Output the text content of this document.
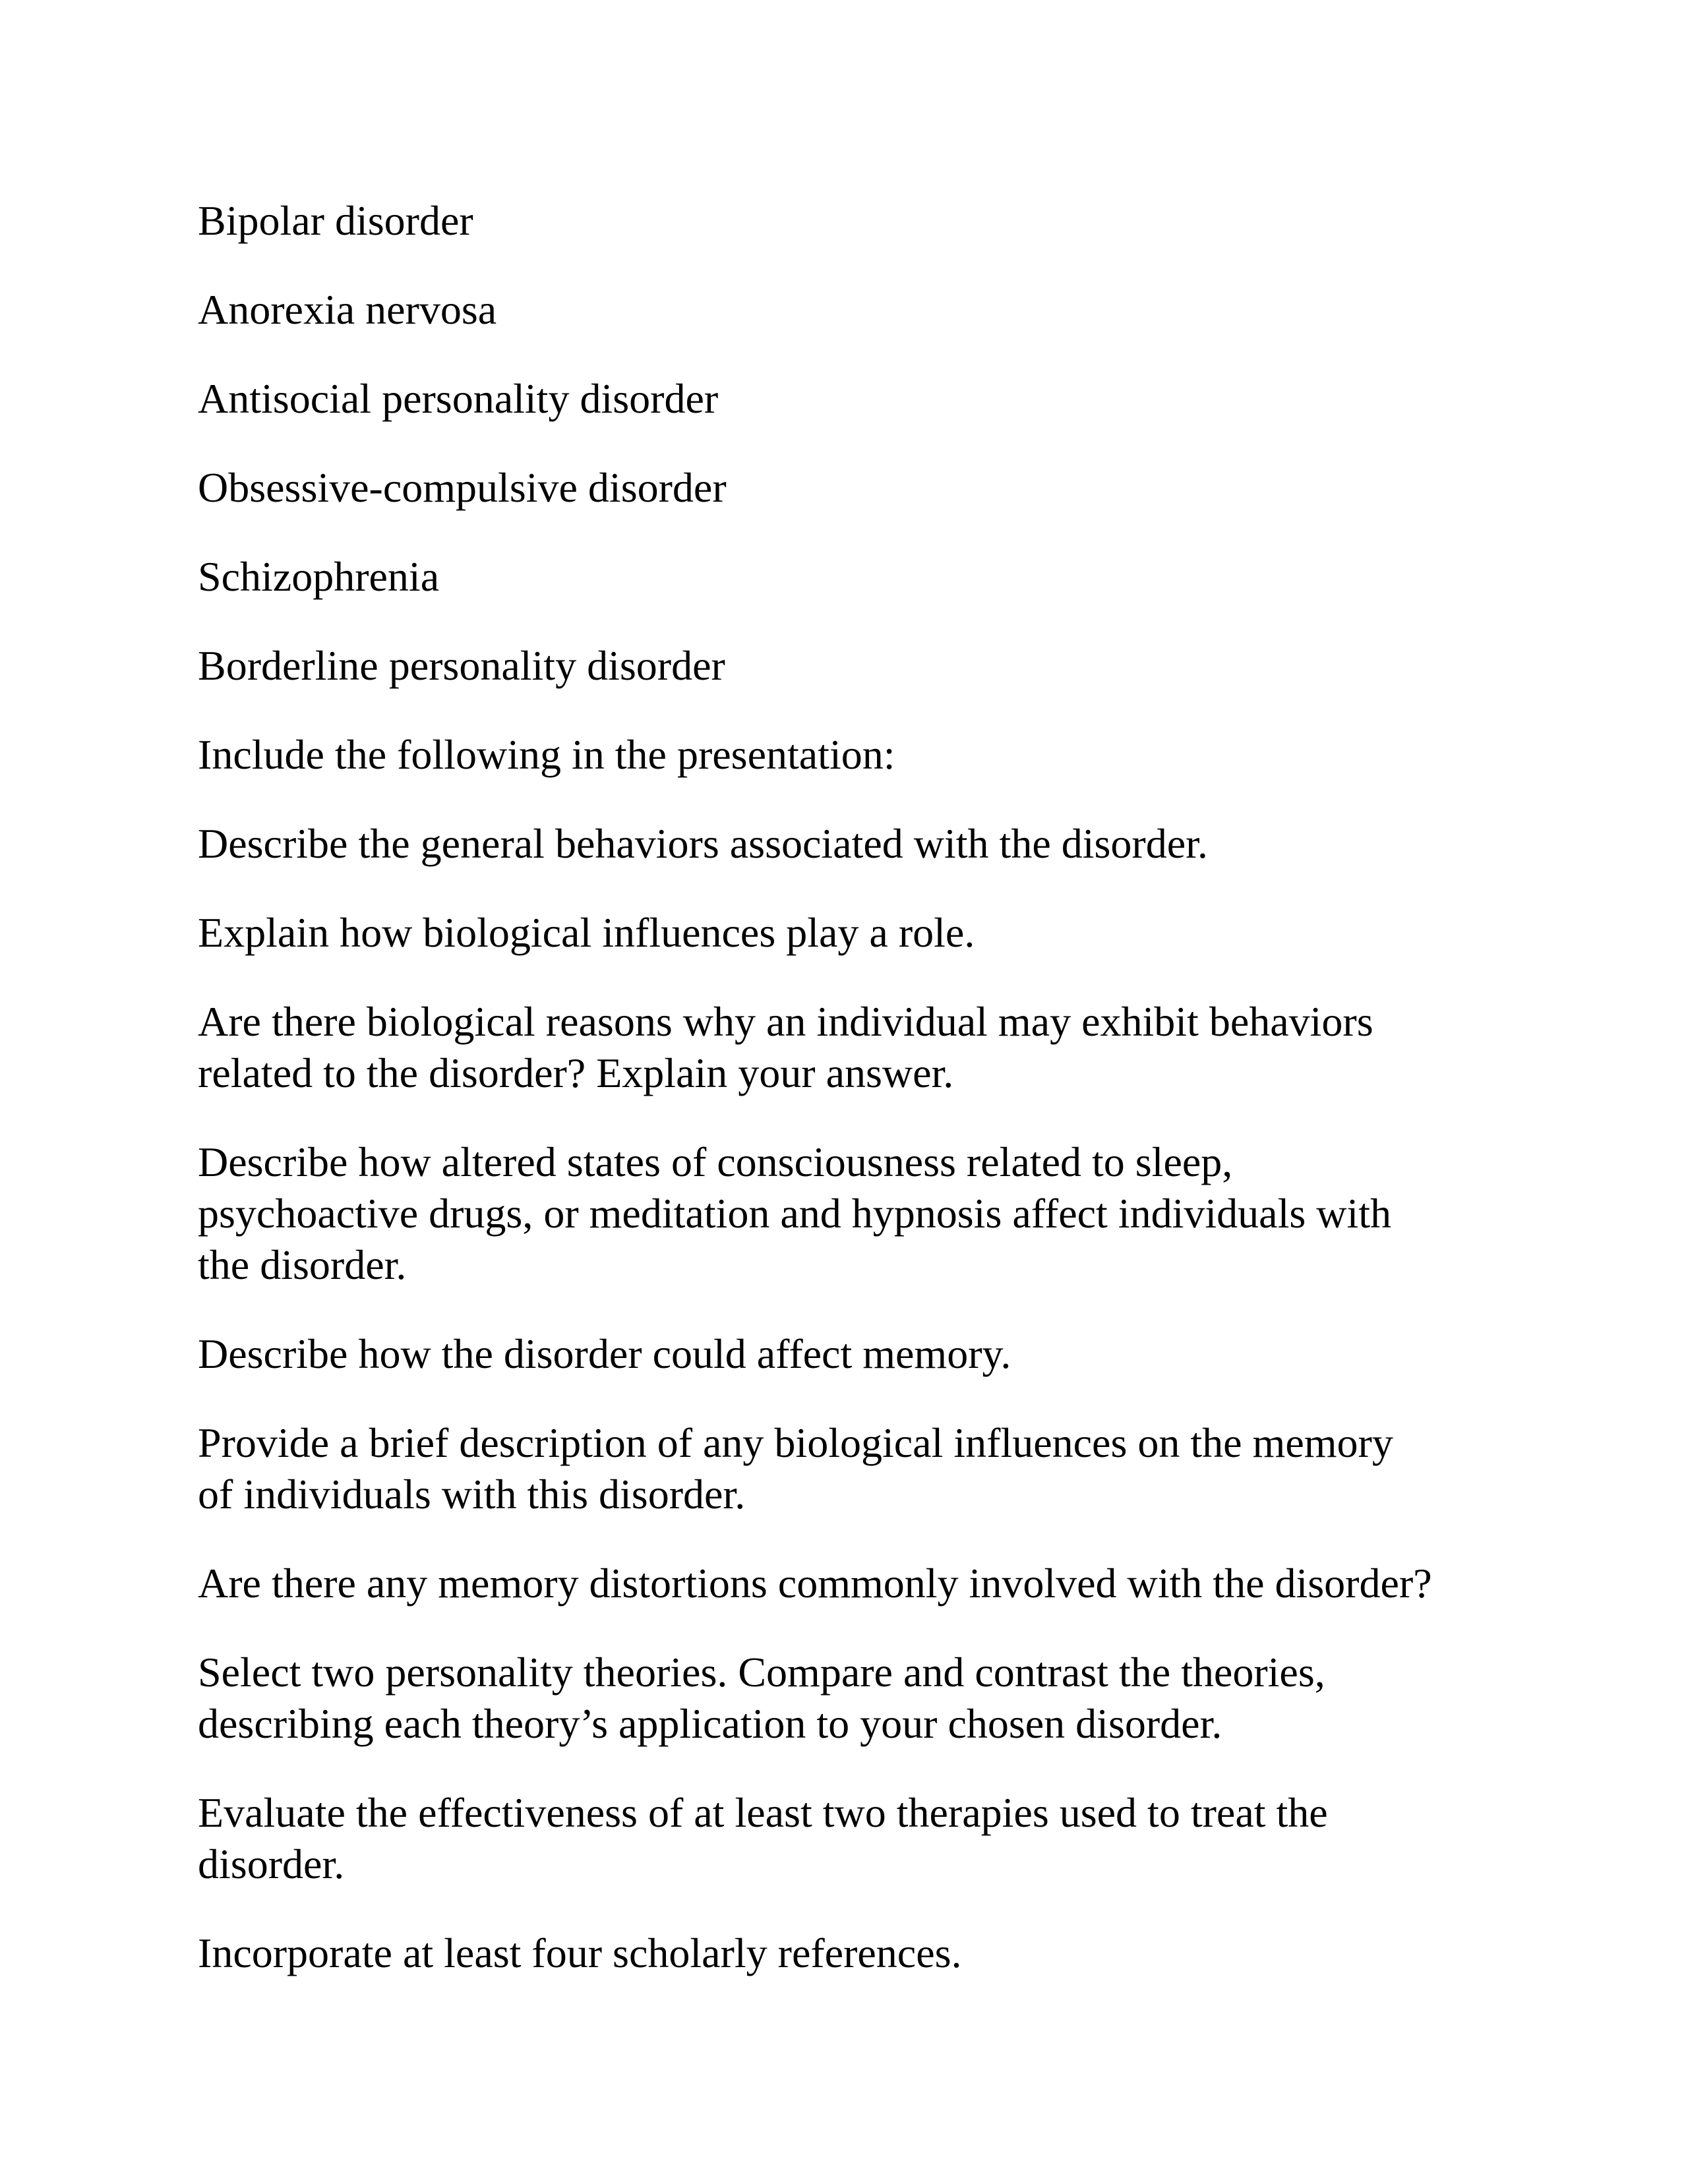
Bipolar disorder

Anorexia nervosa

Antisocial personality disorder

Obsessive-compulsive disorder

Schizophrenia

Borderline personality disorder

Include the following in the presentation:

Describe the general behaviors associated with the disorder.

Explain how biological influences play a role.

Are there biological reasons why an individual may exhibit behaviors
related to the disorder? Explain your answer.

Describe how altered states of consciousness related to sleep,
psychoactive drugs, or meditation and hypnosis affect individuals with
the disorder.

Describe how the disorder could affect memory.

Provide a brief description of any biological influences on the memory
of individuals with this disorder.

Are there any memory distortions commonly involved with the disorder?

Select two personality theories. Compare and contrast the theories,
describing each theory’s application to your chosen disorder.

Evaluate the effectiveness of at least two therapies used to treat the
disorder.

Incorporate at least four scholarly references.
